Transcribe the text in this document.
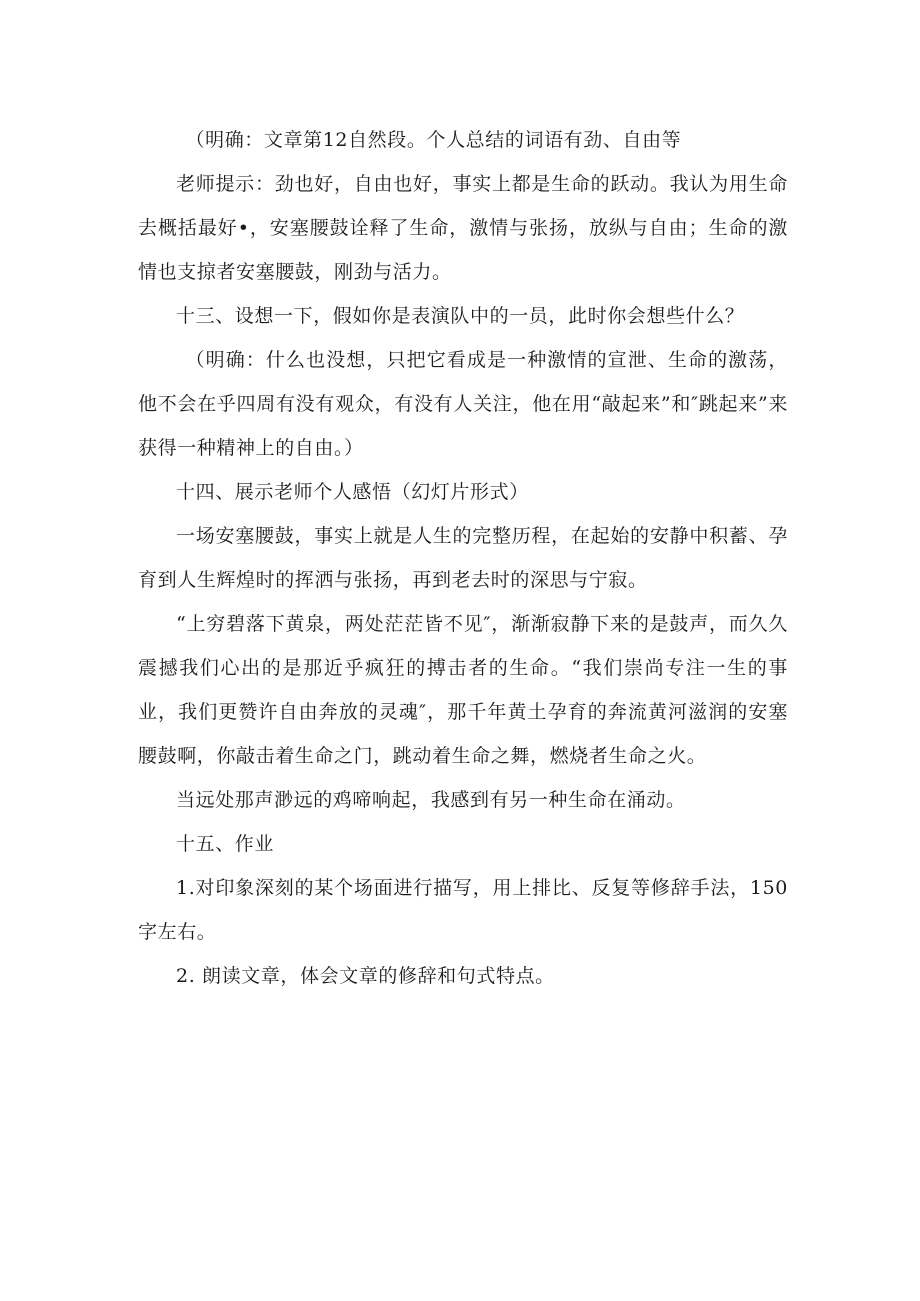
（明确：文章第12自然段。个人总结的词语有劲、自由等

老师提示：劲也好，自由也好，事实上都是生命的跃动。我认为用生命去概括最好•，安塞腰鼓诠释了生命，激情与张扬，放纵与自由；生命的激情也支掠者安塞腰鼓，刚劲与活力。

十三、设想一下，假如你是表演队中的一员，此时你会想些什么？

（明确：什么也没想，只把它看成是一种激情的宣泄、生命的激荡，他不会在乎四周有没有观众，有没有人关注，他在用“敲起来”和″跳起来”来获得一种精神上的自由。）

十四、展示老师个人感悟（幻灯片形式）

一场安塞腰鼓，事实上就是人生的完整历程，在起始的安静中积蓄、孕育到人生辉煌时的挥洒与张扬，再到老去时的深思与宁寂。

“上穷碧落下黄泉，两处茫茫皆不见″，渐渐寂静下来的是鼓声，而久久震撼我们心出的是那近乎疯狂的搏击者的生命。“我们崇尚专注一生的事业，我们更赞许自由奔放的灵魂″，那千年黄土孕育的奔流黄河滋润的安塞腰鼓啊，你敲击着生命之门，跳动着生命之舞，燃烧者生命之火。

当远处那声渺远的鸡啼响起，我感到有另一种生命在涌动。

十五、作业

1.对印象深刻的某个场面进行描写，用上排比、反复等修辞手法，150字左右。

2. 朗读文章，体会文章的修辞和句式特点。
